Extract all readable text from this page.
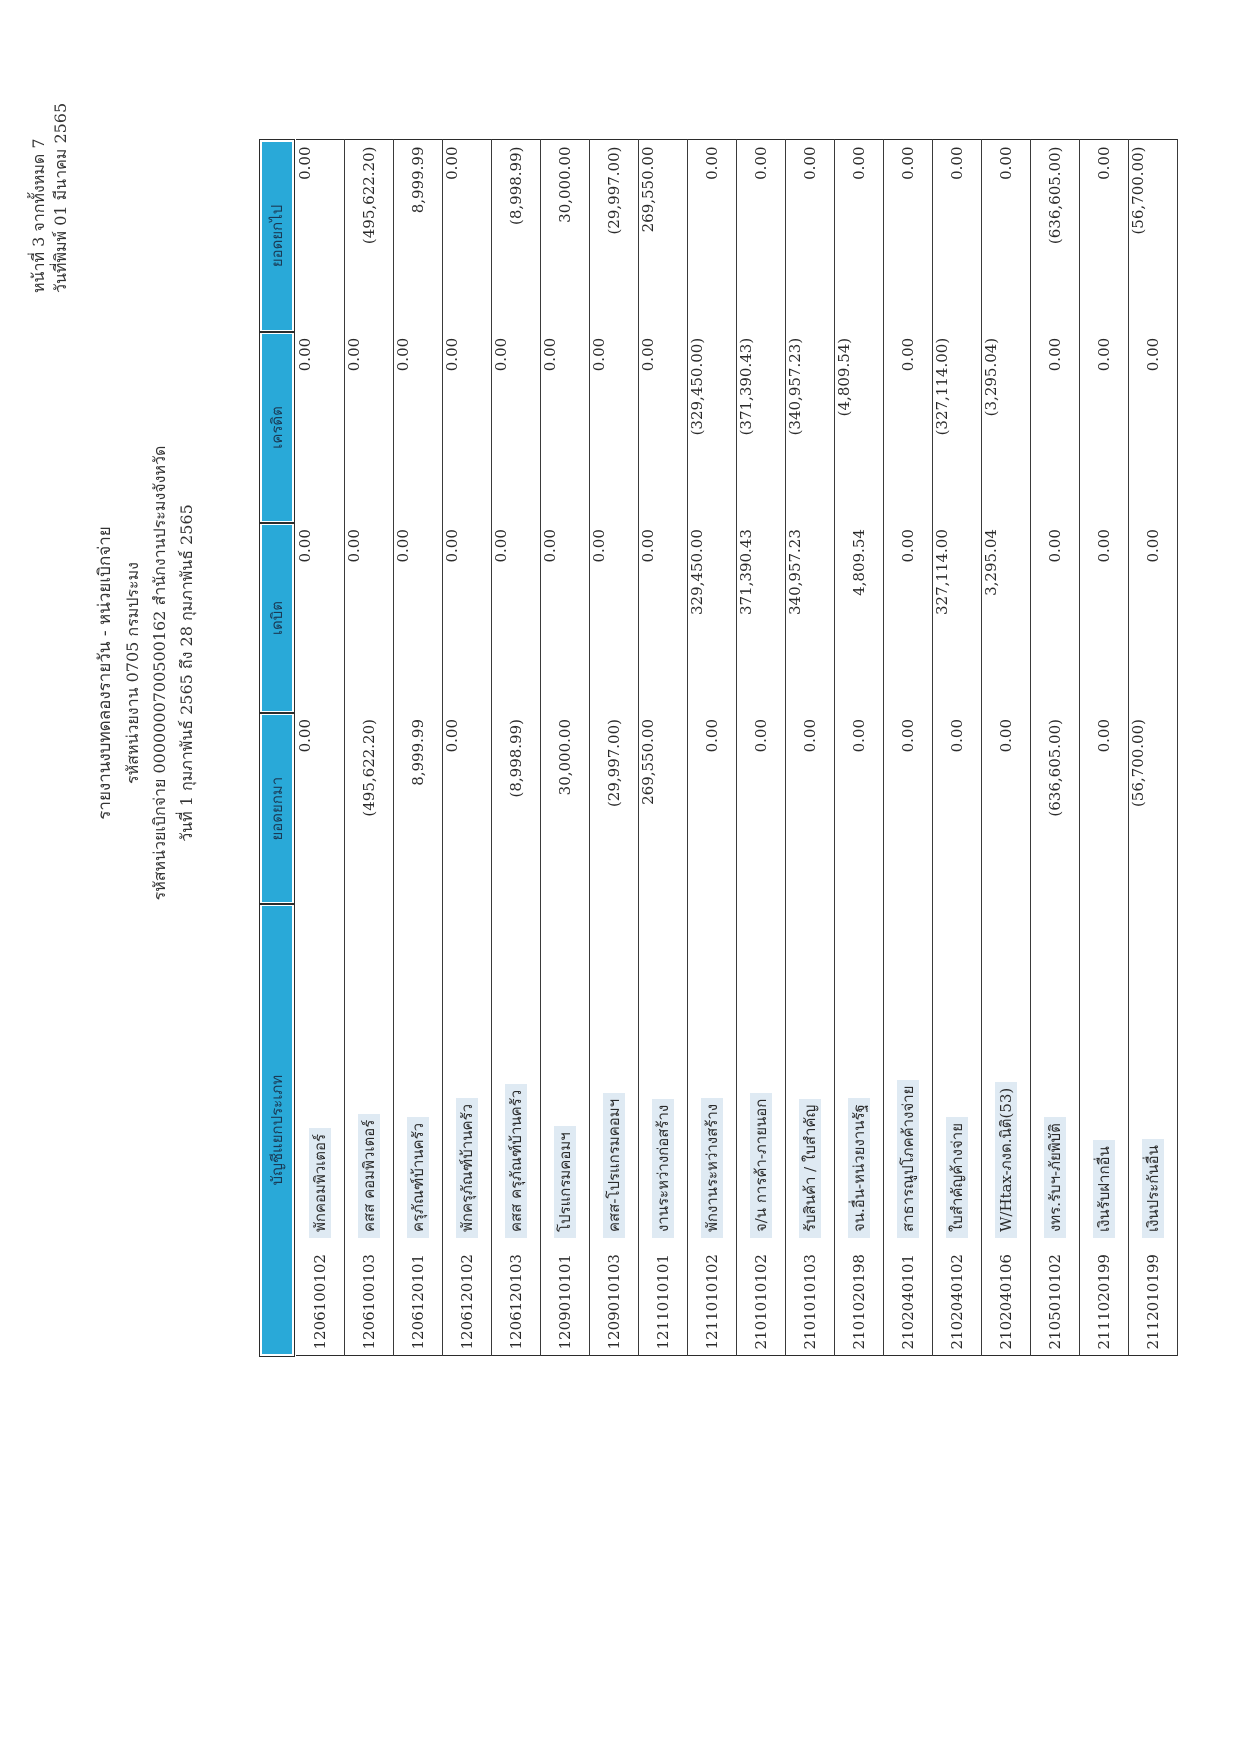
หน้าที่ 3 จากทั้งหมด 7 วันที่พิมพ์ 01 มีนาคม 2565
รายงานงบทดลองรายวัน - หน่วยเบิกจ่าย รหัสหน่วยงาน 0705 กรมประมง รหัสหน่วยเบิกจ่าย 0000000700500162 สำนักงานประมงจังหวัด วันที่ 1 กุมภาพันธ์ 2565 ถึง 28 กุมภาพันธ์ 2565
บัญชีแยกประเภท		ยอดยกมา	เดบิต	เครดิต	ยอดยกไป
1206100102	พักคอมพิวเตอร์	0.00	0.00	0.00	0.00
1206100103	คสส คอมพิวเตอร์	(495,622.20)	0.00	0.00	(495,622.20)
1206120101	ครุภัณฑ์บ้านครัว	8,999.99	0.00	0.00	8,999.99
1206120102	พักครุภัณฑ์บ้านครัว	0.00	0.00	0.00	0.00
1206120103	คสส ครุภัณฑ์บ้านครัว	(8,998.99)	0.00	0.00	(8,998.99)
1209010101	โปรแกรมคอมฯ	30,000.00	0.00	0.00	30,000.00
1209010103	คสส-โปรแกรมคอมฯ	(29,997.00)	0.00	0.00	(29,997.00)
1211010101	งานระหว่างก่อสร้าง	269,550.00	0.00	0.00	269,550.00
1211010102	พักงานระหว่างสร้าง	0.00	329,450.00	(329,450.00)	0.00
2101010102	จ/น การค้า-ภายนอก	0.00	371,390.43	(371,390.43)	0.00
2101010103	รับสินค้า / ใบสำคัญ	0.00	340,957.23	(340,957.23)	0.00
2101020198	จน.อื่น-หน่วยงานรัฐ	0.00	4,809.54	(4,809.54)	0.00
2102040101	สาธารณูปโภคค้างจ่าย	0.00	0.00	0.00	0.00
2102040102	ใบสำคัญค้างจ่าย	0.00	327,114.00	(327,114.00)	0.00
2102040106	W/Htax-ภงด.นิติ(53)	0.00	3,295.04	(3,295.04)	0.00
2105010102	งทร.รับฯ-ภัยพิบัติ	(636,605.00)	0.00	0.00	(636,605.00)
2111020199	เงินรับฝากอื่น	0.00	0.00	0.00	0.00
2112010199	เงินประกันอื่น	(56,700.00)	0.00	0.00	(56,700.00)
